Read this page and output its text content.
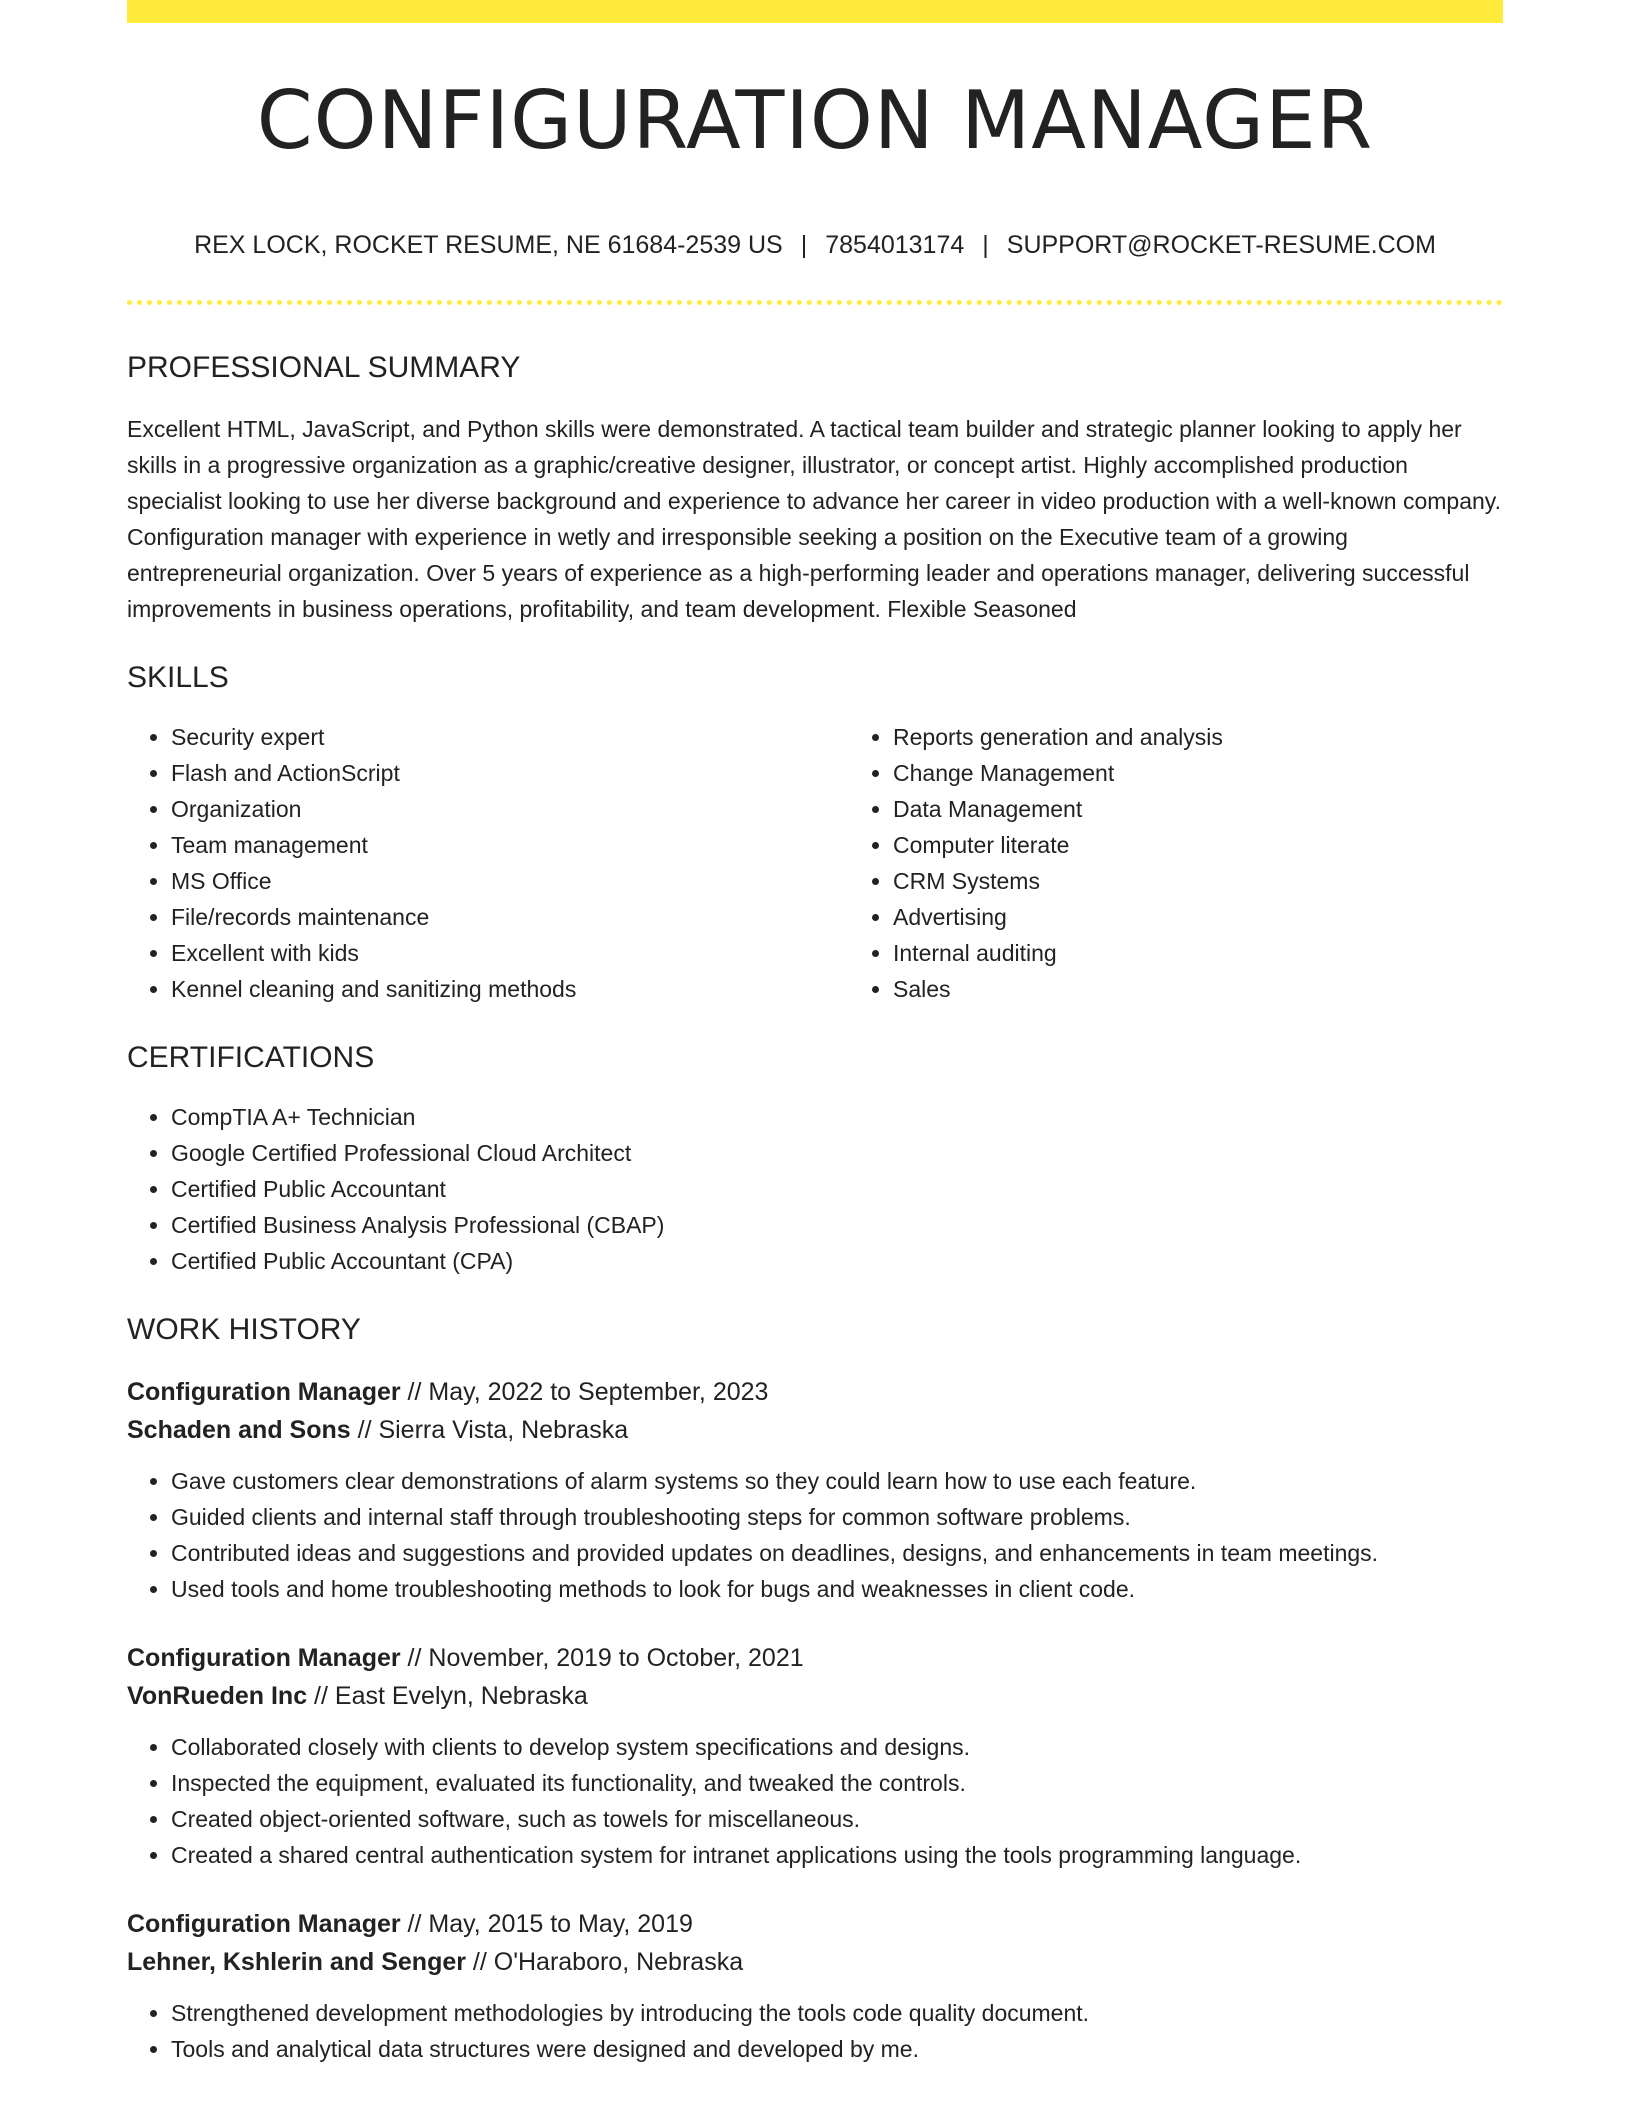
CONFIGURATION MANAGER
REX LOCK, ROCKET RESUME, NE 61684-2539 US | 7854013174 | SUPPORT@ROCKET-RESUME.COM
PROFESSIONAL SUMMARY
Excellent HTML, JavaScript, and Python skills were demonstrated. A tactical team builder and strategic planner looking to apply her skills in a progressive organization as a graphic/creative designer, illustrator, or concept artist. Highly accomplished production specialist looking to use her diverse background and experience to advance her career in video production with a well-known company. Configuration manager with experience in wetly and irresponsible seeking a position on the Executive team of a growing entrepreneurial organization. Over 5 years of experience as a high-performing leader and operations manager, delivering successful improvements in business operations, profitability, and team development. Flexible Seasoned
SKILLS
• Security expert
• Flash and ActionScript
• Organization
• Team management
• MS Office
• File/records maintenance
• Excellent with kids
• Kennel cleaning and sanitizing methods
• Reports generation and analysis
• Change Management
• Data Management
• Computer literate
• CRM Systems
• Advertising
• Internal auditing
• Sales
CERTIFICATIONS
• CompTIA A+ Technician
• Google Certified Professional Cloud Architect
• Certified Public Accountant
• Certified Business Analysis Professional (CBAP)
• Certified Public Accountant (CPA)
WORK HISTORY
Configuration Manager // May, 2022 to September, 2023
Schaden and Sons // Sierra Vista, Nebraska
• Gave customers clear demonstrations of alarm systems so they could learn how to use each feature.
• Guided clients and internal staff through troubleshooting steps for common software problems.
• Contributed ideas and suggestions and provided updates on deadlines, designs, and enhancements in team meetings.
• Used tools and home troubleshooting methods to look for bugs and weaknesses in client code.
Configuration Manager // November, 2019 to October, 2021
VonRueden Inc // East Evelyn, Nebraska
• Collaborated closely with clients to develop system specifications and designs.
• Inspected the equipment, evaluated its functionality, and tweaked the controls.
• Created object-oriented software, such as towels for miscellaneous.
• Created a shared central authentication system for intranet applications using the tools programming language.
Configuration Manager // May, 2015 to May, 2019
Lehner, Kshlerin and Senger // O'Haraboro, Nebraska
• Strengthened development methodologies by introducing the tools code quality document.
• Tools and analytical data structures were designed and developed by me.
